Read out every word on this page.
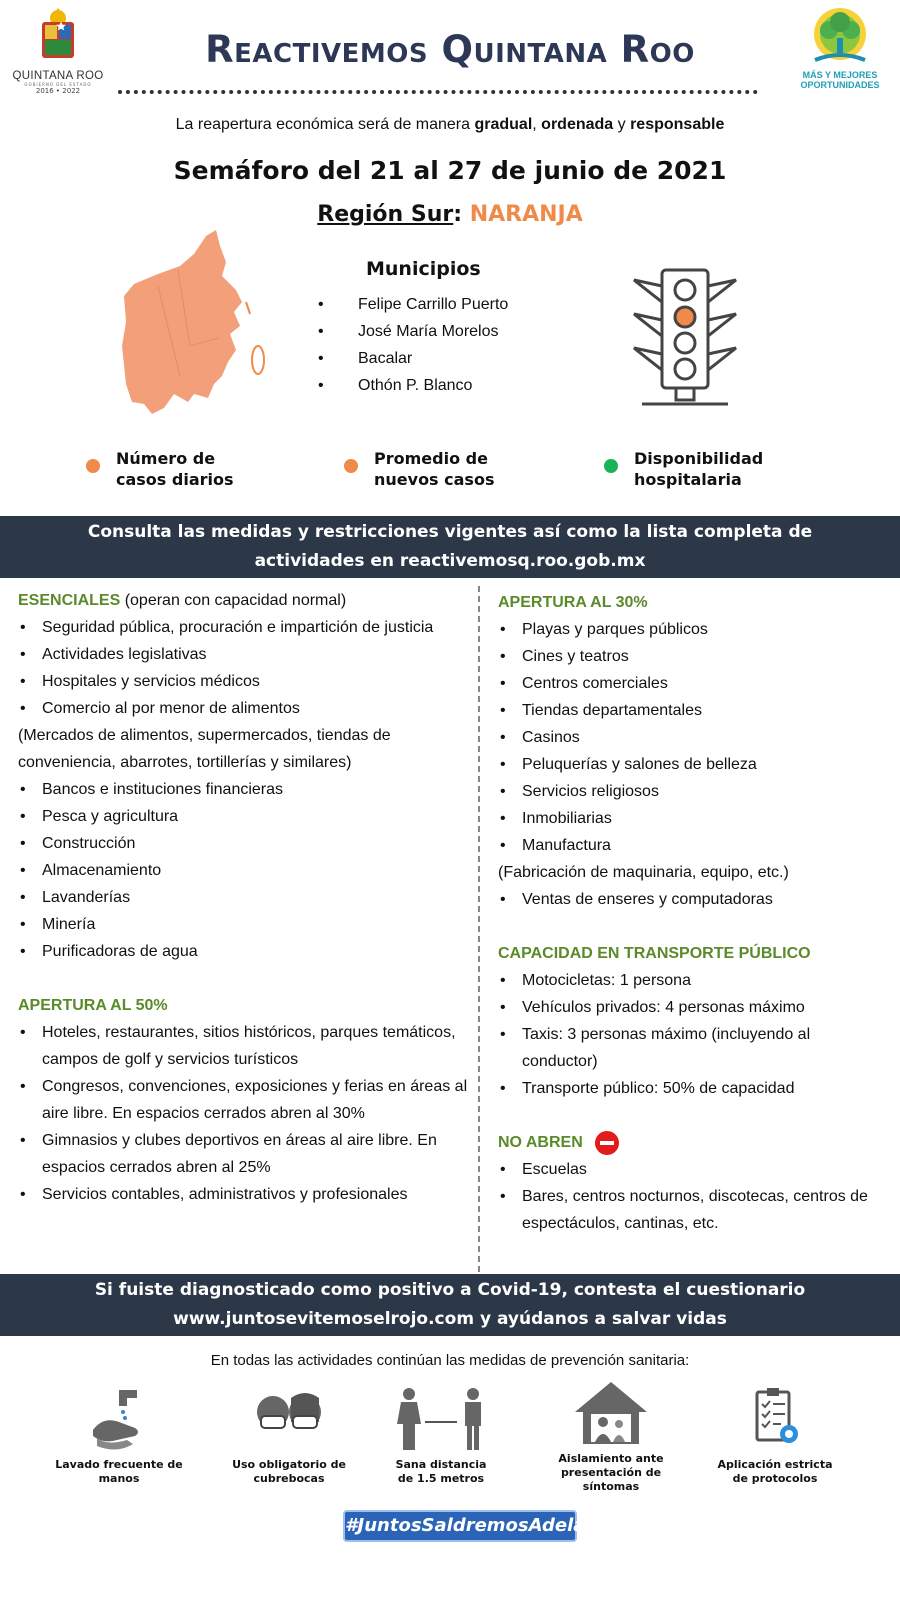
QUINTANA ROO
GOBIERNO DEL ESTADO
2016 • 2022
Reactivemos Quintana Roo
MÁS Y MEJORES
OPORTUNIDADES
La reapertura económica será de manera gradual, ordenada y responsable
Semáforo del 21 al 27 de junio de 2021
Región Sur: NARANJA
Municipios
• Felipe Carrillo Puerto
• José María Morelos
• Bacalar
• Othón P. Blanco
Número de
casos diarios
Promedio de
nuevos casos
Disponibilidad
hospitalaria
Consulta las medidas y restricciones vigentes así como la lista completa de
actividades en reactivemosq.roo.gob.mx
ESENCIALES (operan con capacidad normal)
• Seguridad pública, procuración e impartición de justicia
• Actividades legislativas
• Hospitales y servicios médicos
• Comercio al por menor de alimentos
(Mercados de alimentos, supermercados, tiendas de conveniencia, abarrotes, tortillerías y similares)
• Bancos e instituciones financieras
• Pesca y agricultura
• Construcción
• Almacenamiento
• Lavanderías
• Minería
• Purificadoras de agua
APERTURA AL 50%
• Hoteles, restaurantes, sitios históricos, parques temáticos, campos de golf y servicios turísticos
• Congresos, convenciones, exposiciones y ferias en áreas al aire libre. En espacios cerrados abren al 30%
• Gimnasios y clubes deportivos en áreas al aire libre. En espacios cerrados abren al 25%
• Servicios contables, administrativos y profesionales
APERTURA AL 30%
• Playas y parques públicos
• Cines y teatros
• Centros comerciales
• Tiendas departamentales
• Casinos
• Peluquerías y salones de belleza
• Servicios religiosos
• Inmobiliarias
• Manufactura
(Fabricación de maquinaria, equipo, etc.)
• Ventas de enseres y computadoras
CAPACIDAD EN TRANSPORTE PÚBLICO
• Motocicletas: 1 persona
• Vehículos privados: 4 personas máximo
• Taxis: 3 personas máximo (incluyendo al conductor)
• Transporte público: 50% de capacidad
NO ABREN
• Escuelas
• Bares, centros nocturnos, discotecas, centros de espectáculos, cantinas, etc.
Si fuiste diagnosticado como positivo a Covid-19, contesta el cuestionario
www.juntosevitemoselrojo.com y ayúdanos a salvar vidas
En todas las actividades continúan las medidas de prevención sanitaria:
Lavado frecuente de
manos
Uso obligatorio de
cubrebocas
Sana distancia
de 1.5 metros
Aislamiento ante
presentación de
síntomas
Aplicación estricta
de protocolos
#JuntosSaldremosAdelante
